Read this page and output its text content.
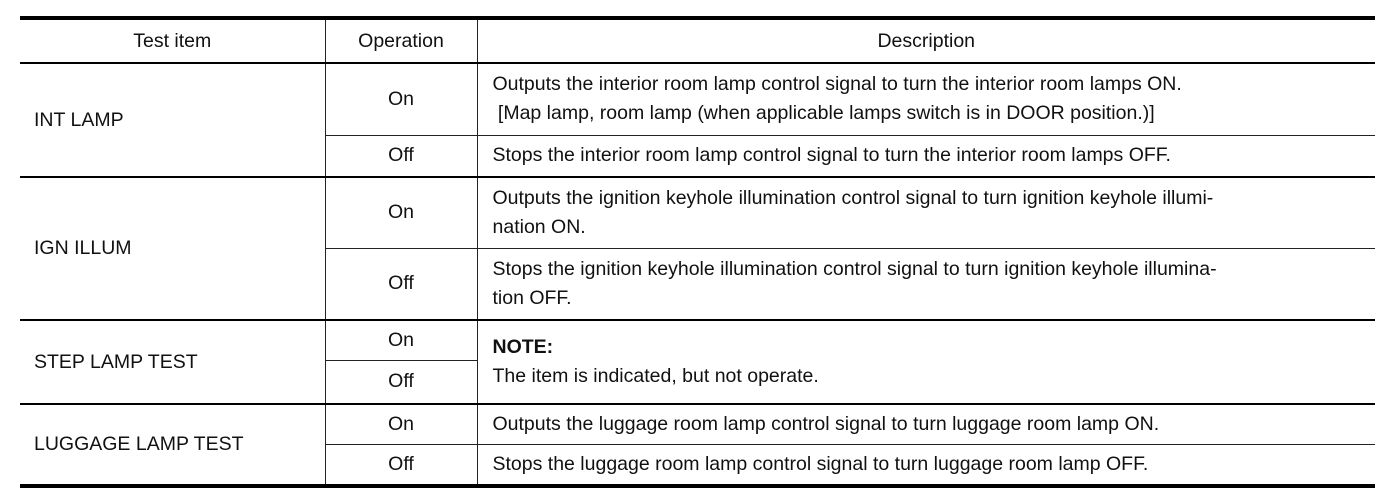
Test item	Operation	Description
INT LAMP	On	Outputs the interior room lamp control signal to turn the interior room lamps ON.
[Map lamp, room lamp (when applicable lamps switch is in DOOR position.)]
	Off	Stops the interior room lamp control signal to turn the interior room lamps OFF.
IGN ILLUM	On	Outputs the ignition keyhole illumination control signal to turn ignition keyhole illumi-
nation ON.
	Off	Stops the ignition keyhole illumination control signal to turn ignition keyhole illumina-
tion OFF.
STEP LAMP TEST	On	NOTE:
The item is indicated, but not operate.
	Off	
LUGGAGE LAMP TEST	On	Outputs the luggage room lamp control signal to turn luggage room lamp ON.
	Off	Stops the luggage room lamp control signal to turn luggage room lamp OFF.
